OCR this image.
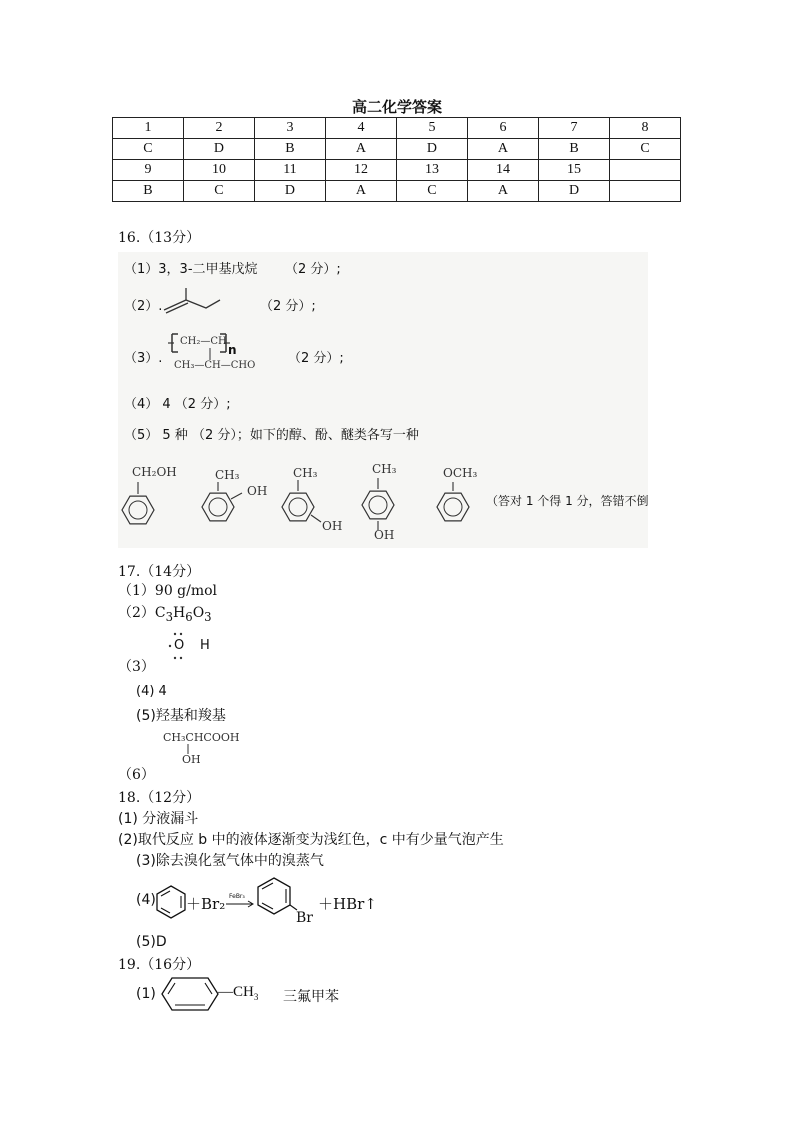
高二化学答案
1	2	3	4	5	6	7	8
C	D	B	A	D	A	B	C
9	10	11	12	13	14	15	
B	C	D	A	C	A	D	
16.（13分）
（1）3，3-二甲基戊烷 （2 分）;
（2）.	（2 分）;
（3）.
CH₂—CH
n
CH₃—CH—CHO	（2 分）;
（4） 4 （2 分）;
（5） 5 种 （2 分）；如下的醇、酚、醚类各写一种
CH₂OH	CH₃
OH
CH₃
OH
CH₃
OH
OCH₃
（答对 1 个得 1 分，答错不倒
17.（14分）
（1）90 g/mol
$(2)C_3H_6O_3$
O H
（3）
(4) 4
(5)羟基和羧基
CH₃CHCOOH
OH
（6）
18.（12分）
(1) 分液漏斗
(2)取代反应 b 中的液体逐渐变为浅红色，c 中有少量气泡产生
(3)除去溴化氢气体中的溴蒸气
(4) ＋Br₂ FeBr₃
Br
＋HBr↑
(5)D
19.（16分）
(1)	$—CH_3$ 三氟甲苯
